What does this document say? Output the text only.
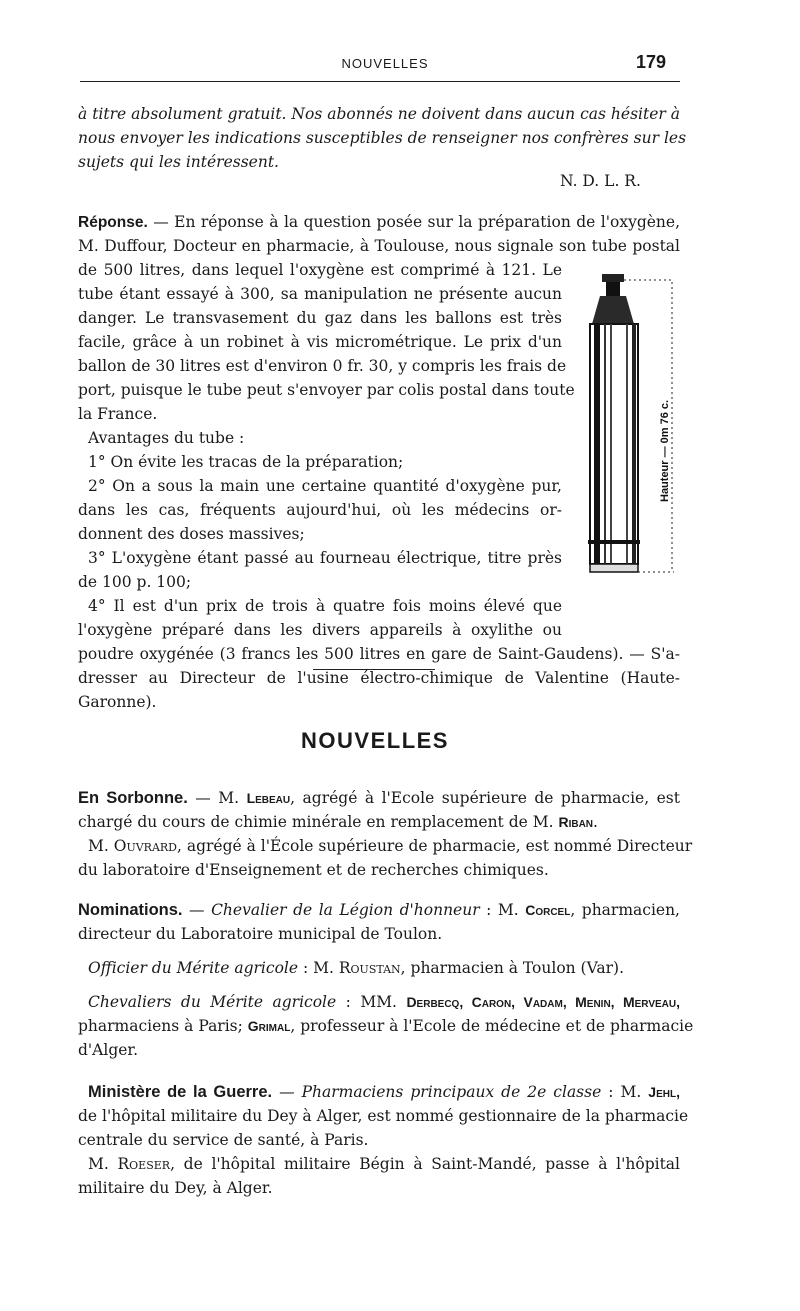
NOUVELLES	179
à titre absolument gratuit. Nos abonnés ne doivent dans aucun cas hésiter à
nous envoyer les indications susceptibles de renseigner nos confrères sur les
sujets qui les intéressent.
N. D. L. R.
Réponse. — En réponse à la question posée sur la préparation de l'oxygène,
M. Duffour, Docteur en pharmacie, à Toulouse, nous signale son tube postal
de 500 litres, dans lequel l'oxygène est comprimé à 121. Le
tube étant essayé à 300, sa manipulation ne présente aucun
danger. Le transvasement du gaz dans les ballons est très
facile, grâce à un robinet à vis micrométrique. Le prix d'un
ballon de 30 litres est d'environ 0 fr. 30, y compris les frais de
port, puisque le tube peut s'envoyer par colis postal dans toute
la France.
Avantages du tube :
1° On évite les tracas de la préparation;
2° On a sous la main une certaine quantité d'oxygène pur,
dans les cas, fréquents aujourd'hui, où les médecins or-
donnent des doses massives;
3° L'oxygène étant passé au fourneau électrique, titre près
de 100 p. 100;
4° Il est d'un prix de trois à quatre fois moins élevé que
l'oxygène préparé dans les divers appareils à oxylithe ou
poudre oxygénée (3 francs les 500 litres en gare de Saint-Gaudens). — S'a-
dresser au Directeur de l'usine électro-chimique de Valentine (Haute-
Garonne).
Hauteur — 0m 76 c.
NOUVELLES
En Sorbonne. — M. Lebeau, agrégé à l'Ecole supérieure de pharmacie, est
chargé du cours de chimie minérale en remplacement de M. Riban.
M. Ouvrard, agrégé à l'École supérieure de pharmacie, est nommé Directeur
du laboratoire d'Enseignement et de recherches chimiques.
Nominations. — Chevalier de la Légion d'honneur : M. Corcel, pharmacien,
directeur du Laboratoire municipal de Toulon.
Officier du Mérite agricole : M. Roustan, pharmacien à Toulon (Var).
Chevaliers du Mérite agricole : MM. Derbecq, Caron, Vadam, Menin, Merveau,
pharmaciens à Paris; Grimal, professeur à l'Ecole de médecine et de pharmacie
d'Alger.
Ministère de la Guerre. — Pharmaciens principaux de 2e classe : M. Jehl,
de l'hôpital militaire du Dey à Alger, est nommé gestionnaire de la pharmacie
centrale du service de santé, à Paris.
M. Roeser, de l'hôpital militaire Bégin à Saint-Mandé, passe à l'hôpital
militaire du Dey, à Alger.
